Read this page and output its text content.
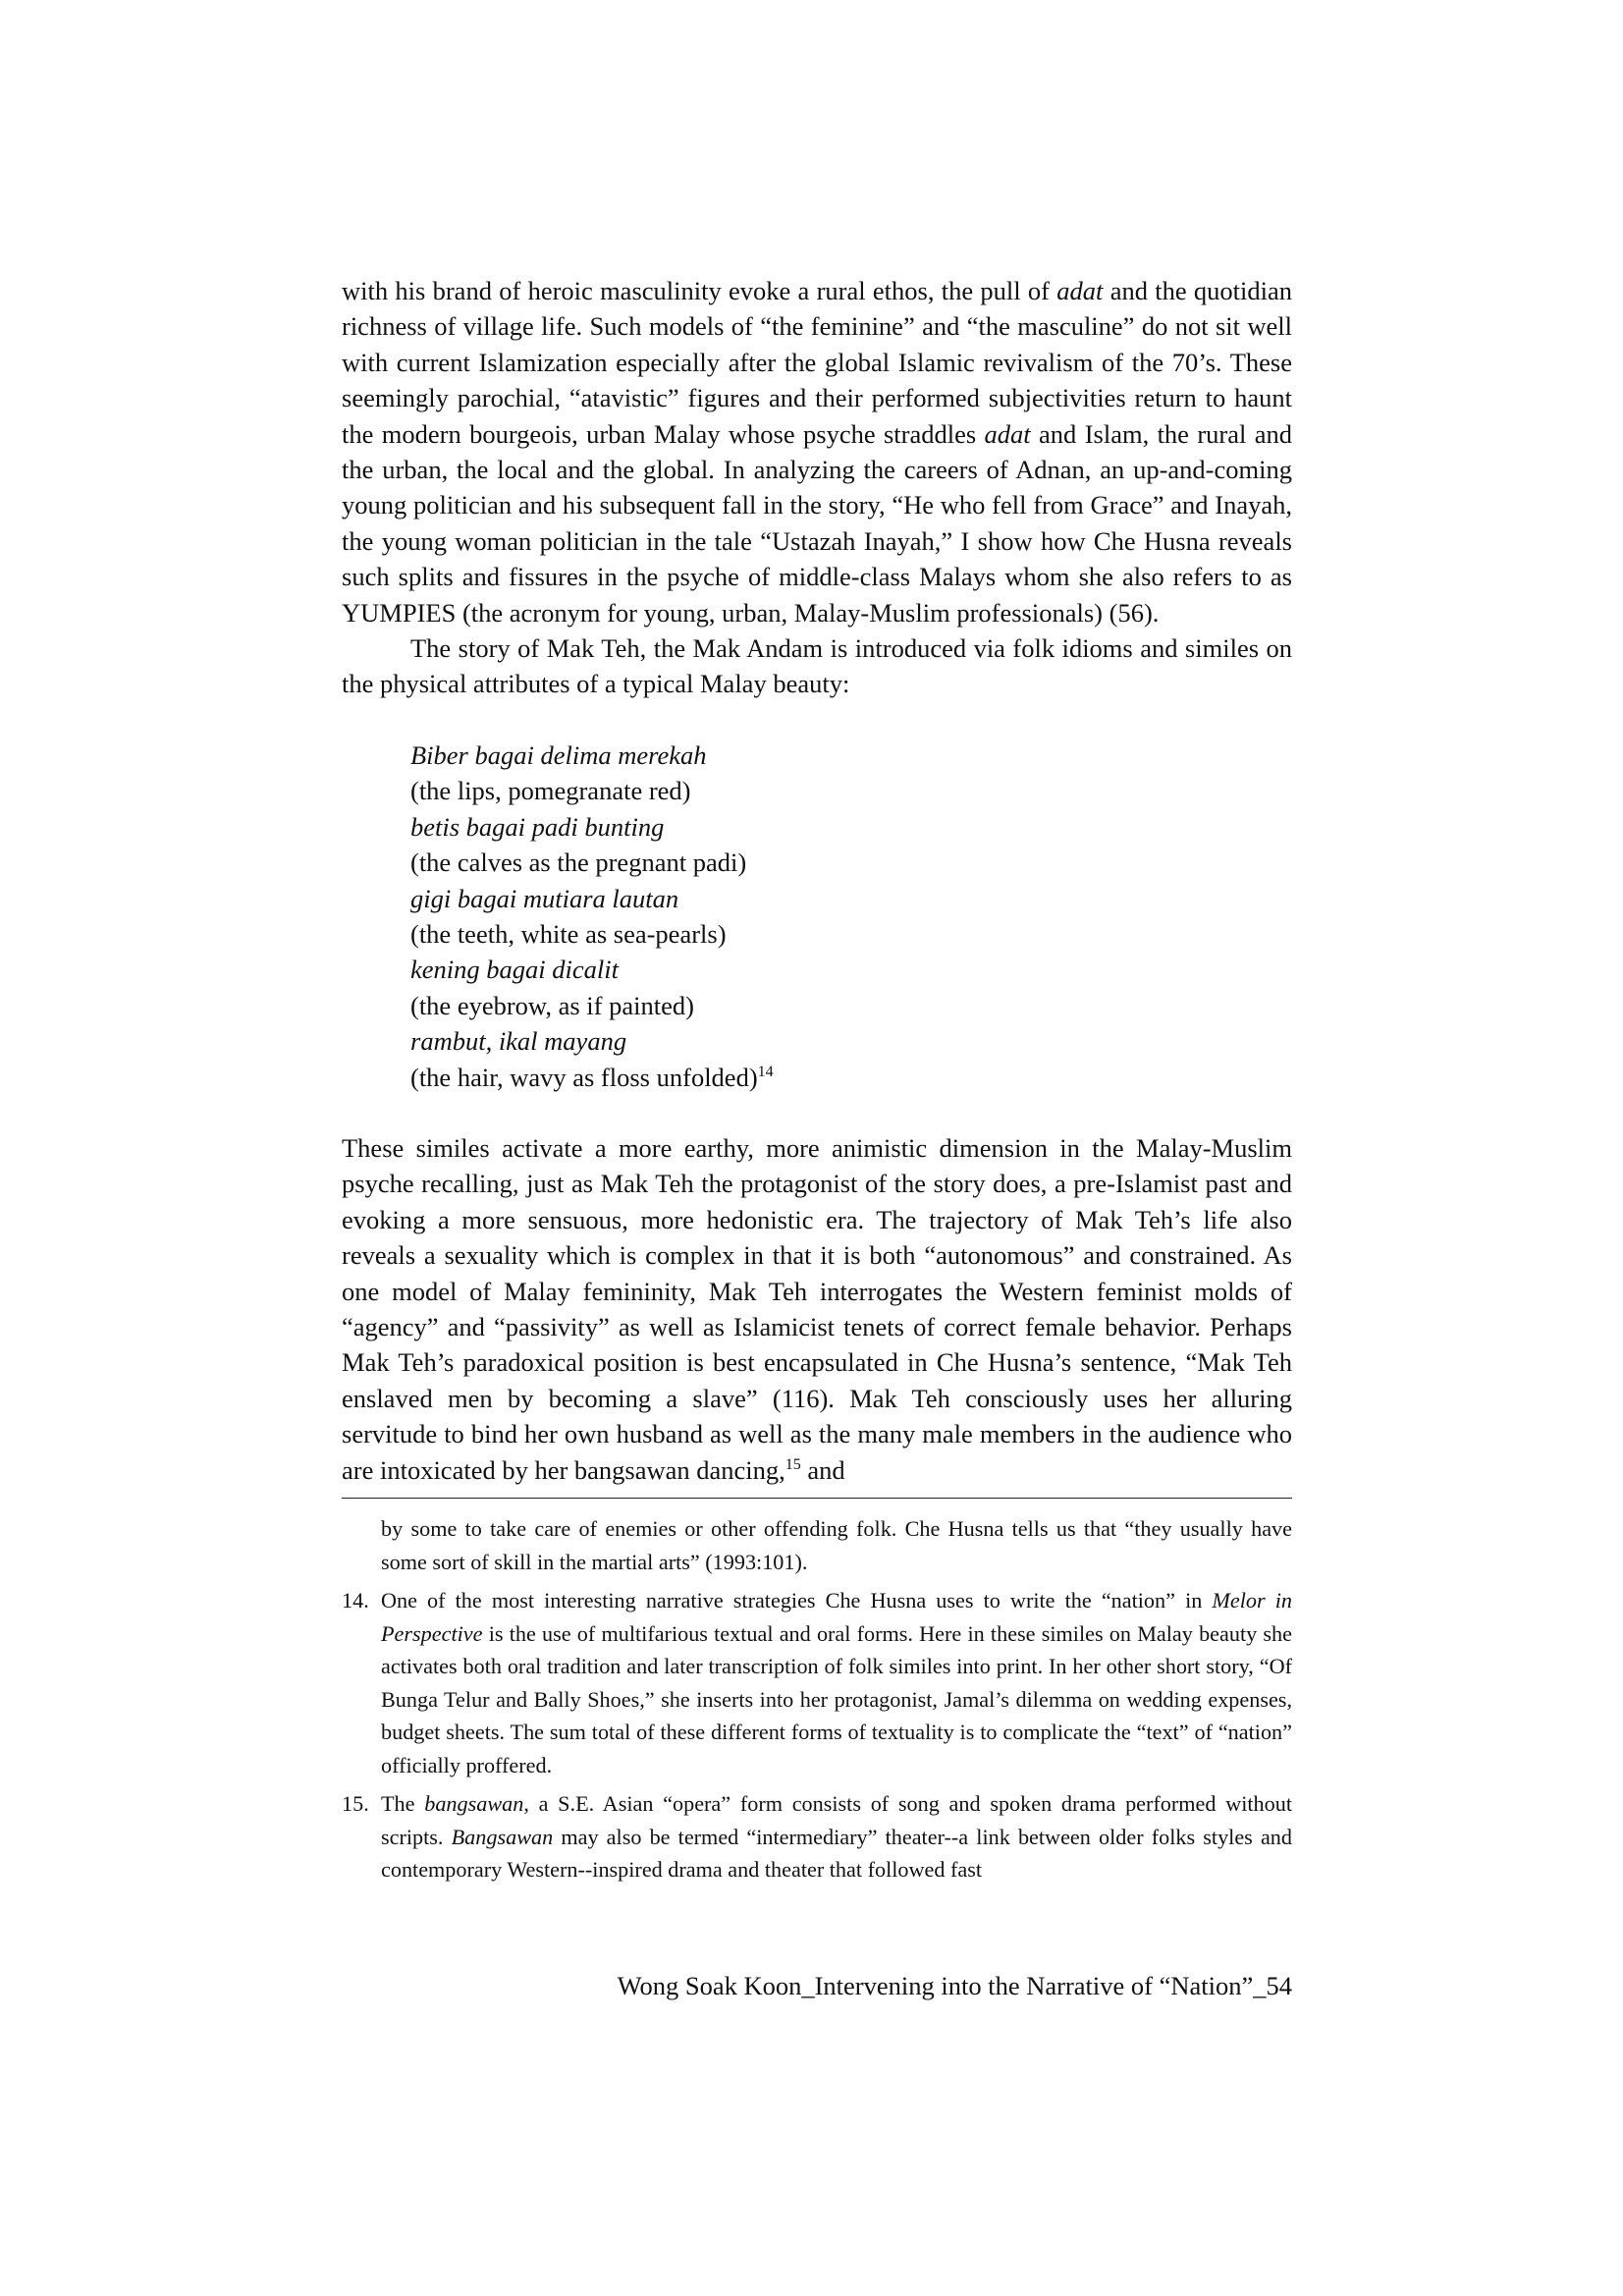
with his brand of heroic masculinity evoke a rural ethos, the pull of adat and the quotidian richness of village life. Such models of “the feminine” and “the masculine” do not sit well with current Islamization especially after the global Islamic revivalism of the 70’s. These seemingly parochial, “atavistic” figures and their performed subjectivities return to haunt the modern bourgeois, urban Malay whose psyche straddles adat and Islam, the rural and the urban, the local and the global. In analyzing the careers of Adnan, an up-and-coming young politician and his subsequent fall in the story, “He who fell from Grace” and Inayah, the young woman politician in the tale “Ustazah Inayah,” I show how Che Husna reveals such splits and fissures in the psyche of middle-class Malays whom she also refers to as YUMPIES (the acronym for young, urban, Malay-Muslim professionals) (56).

The story of Mak Teh, the Mak Andam is introduced via folk idioms and similes on the physical attributes of a typical Malay beauty:

Biber bagai delima merekah
(the lips, pomegranate red)
betis bagai padi bunting
(the calves as the pregnant padi)
gigi bagai mutiara lautan
(the teeth, white as sea-pearls)
kening bagai dicalit
(the eyebrow, as if painted)
rambut, ikal mayang
(the hair, wavy as floss unfolded)$^{14}$

These similes activate a more earthy, more animistic dimension in the Malay-Muslim psyche recalling, just as Mak Teh the protagonist of the story does, a pre-Islamist past and evoking a more sensuous, more hedonistic era. The trajectory of Mak Teh’s life also reveals a sexuality which is complex in that it is both “autonomous” and constrained. As one model of Malay femininity, Mak Teh interrogates the Western feminist molds of “agency” and “passivity” as well as Islamicist tenets of correct female behavior. Perhaps Mak Teh’s paradoxical position is best encapsulated in Che Husna’s sentence, “Mak Teh enslaved men by becoming a slave” (116). Mak Teh consciously uses her alluring servitude to bind her own husband as well as the many male members in the audience who are intoxicated by her bangsawan dancing,$^{15}$ and

by some to take care of enemies or other offending folk. Che Husna tells us that “they usually have some sort of skill in the martial arts” (1993:101).

14. One of the most interesting narrative strategies Che Husna uses to write the “nation” in Melor in Perspective is the use of multifarious textual and oral forms. Here in these similes on Malay beauty she activates both oral tradition and later transcription of folk similes into print. In her other short story, “Of Bunga Telur and Bally Shoes,” she inserts into her protagonist, Jamal’s dilemma on wedding expenses, budget sheets. The sum total of these different forms of textuality is to complicate the “text” of “nation” officially proffered.

15. The bangsawan, a S.E. Asian “opera” form consists of song and spoken drama performed without scripts. Bangsawan may also be termed “intermediary” theater--a link between older folks styles and contemporary Western--inspired drama and theater that followed fast

Wong Soak Koon_Intervening into the Narrative of “Nation”_54
